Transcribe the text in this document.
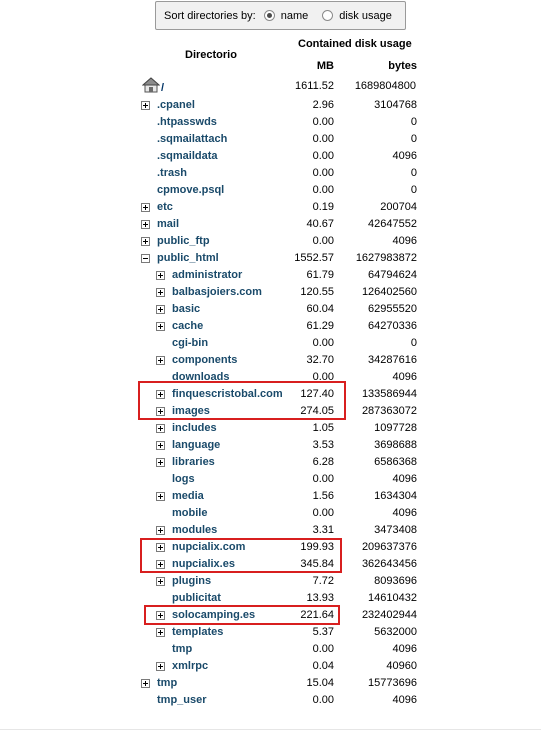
Sort directories by: name	disk usage
Directorio
Contained disk usage
MB	bytes
/	1611.52 1689804800
.cpanel	2.96	3104768
.htpasswds	0.00	0
.sqmailattach	0.00	0
.sqmaildata	0.00	4096
.trash	0.00	0
cpmove.psql	0.00	0
etc	0.19	200704
mail	40.67	42647552
public_ftp	0.00	4096
public_html	1552.57 1627983872
administrator	61.79	64794624
balbasjoiers.com	120.55	126402560
basic	60.04	62955520
cache	61.29	64270336
cgi-bin	0.00	0
components	32.70	34287616
downloads	0.00	4096
finquescristobal.com 127.40	133586944
images	274.05	287363072
includes	1.05	1097728
language	3.53	3698688
libraries	6.28	6586368
logs	0.00	4096
media	1.56	1634304
mobile	0.00	4096
modules	3.31	3473408
nupcialix.com	199.93	209637376
nupcialix.es	345.84	362643456
plugins	7.72	8093696
publicitat	13.93	14610432
solocamping.es	221.64	232402944
templates	5.37	5632000
tmp	0.00	4096
xmlrpc	0.04	40960
tmp	15.04	15773696
tmp_user	0.00	4096
